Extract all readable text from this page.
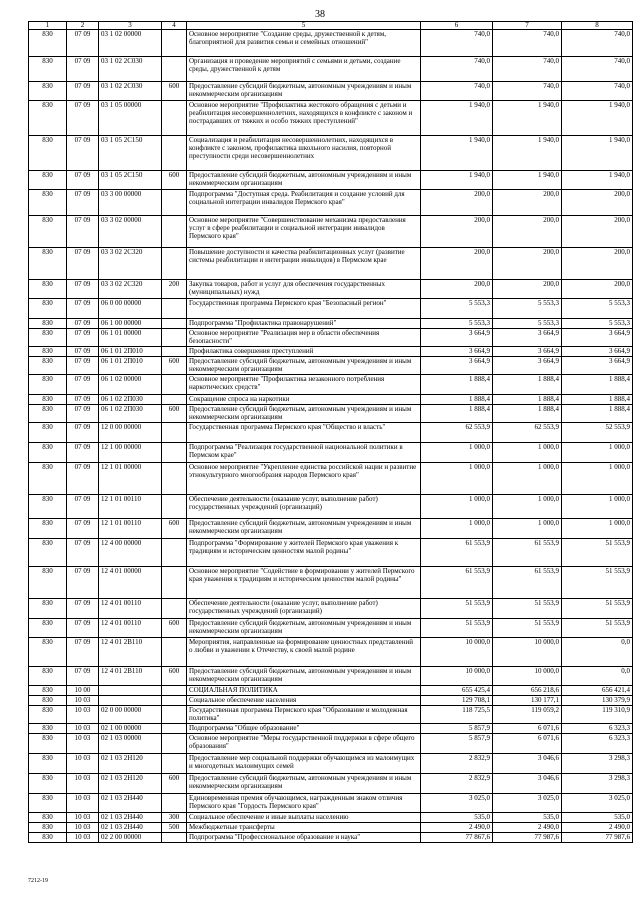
38
1	2	3	4	5	6	7	8
830	07 09	03 1 02 00000		Основное мероприятие "Создание среды, дружественной к детям, благоприятной для развития семьи и семейных отношений"	740,0	740,0	740,0
830	07 09	03 1 02 2С030		Организация и проведение мероприятий с семьями и детьми, создание среды, дружественной к детям	740,0	740,0	740,0
830	07 09	03 1 02 2С030	600	Предоставление субсидий бюджетным, автономным учреждениям и иным некоммерческим организациям	740,0	740,0	740,0
830	07 09	03 1 05 00000		Основное мероприятие "Профилактика жестокого обращения с детьми и реабилитация несовершеннолетних, находящихся в конфликте с законом и пострадавших от тяжких и особо тяжких преступлений"	1 940,0	1 940,0	1 940,0
830	07 09	03 1 05 2С150		Социализация и реабилитация несовершеннолетних, находящихся в конфликте с законом, профилактика школьного насилия, повторной преступности среди несовершеннолетних	1 940,0	1 940,0	1 940,0
830	07 09	03 1 05 2С150	600	Предоставление субсидий бюджетным, автономным учреждениям и иным некоммерческим организациям	1 940,0	1 940,0	1 940,0
830	07 09	03 3 00 00000		Подпрограмма "Доступная среда. Реабилитация и создание условий для социальной интеграции инвалидов Пермского края"	200,0	200,0	200,0
830	07 09	03 3 02 00000		Основное мероприятие "Совершенствование механизма предоставления услуг в сфере реабилитации и социальной интеграции инвалидов Пермского края"	200,0	200,0	200,0
830	07 09	03 3 02 2С320		Повышение доступности и качества реабилитационных услуг (развитие системы реабилитации и интеграции инвалидов) в Пермском крае	200,0	200,0	200,0
830	07 09	03 3 02 2С320	200	Закупка товаров, работ и услуг для обеспечения государственных (муниципальных) нужд	200,0	200,0	200,0
830	07 09	06 0 00 00000		Государственная программа Пермского края "Безопасный регион"	5 553,3	5 553,3	5 553,3
830	07 09	06 1 00 00000		Подпрограмма "Профилактика правонарушений"	5 553,3	5 553,3	5 553,3
830	07 09	06 1 01 00000		Основное мероприятие "Реализация мер в области обеспечения безопасности"	3 664,9	3 664,9	3 664,9
830	07 09	06 1 01 2П010		Профилактика совершения преступлений	3 664,9	3 664,9	3 664,9
830	07 09	06 1 01 2П010	600	Предоставление субсидий бюджетным, автономным учреждениям и иным некоммерческим организациям	3 664,9	3 664,9	3 664,9
830	07 09	06 1 02 00000		Основное мероприятие "Профилактика незаконного потребления наркотических средств"	1 888,4	1 888,4	1 888,4
830	07 09	06 1 02 2П030		Сокращение спроса на наркотики	1 888,4	1 888,4	1 888,4
830	07 09	06 1 02 2П030	600	Предоставление субсидий бюджетным, автономным учреждениям и иным некоммерческим организациям	1 888,4	1 888,4	1 888,4
830	07 09	12 0 00 00000		Государственная программа Пермского края "Общество и власть"	62 553,9	62 553,9	52 553,9
830	07 09	12 1 00 00000		Подпрограмма "Реализация государственной национальной политики в Пермском крае"	1 000,0	1 000,0	1 000,0
830	07 09	12 1 01 00000		Основное мероприятие "Укрепление единства российской нации и развитие этнокультурного многообразия народов Пермского края"	1 000,0	1 000,0	1 000,0
830	07 09	12 1 01 00110		Обеспечение деятельности (оказание услуг, выполнение работ) государственных учреждений (организаций)	1 000,0	1 000,0	1 000,0
830	07 09	12 1 01 00110	600	Предоставление субсидий бюджетным, автономным учреждениям и иным некоммерческим организациям	1 000,0	1 000,0	1 000,0
830	07 09	12 4 00 00000		Подпрограмма "Формирование у жителей Пермского края уважения к традициям и историческим ценностям малой родины"	61 553,9	61 553,9	51 553,9
830	07 09	12 4 01 00000		Основное мероприятие "Содействие в формировании у жителей Пермского края уважения к традициям и историческим ценностям малой родины"	61 553,9	61 553,9	51 553,9
830	07 09	12 4 01 00110		Обеспечение деятельности (оказание услуг, выполнение работ) государственных учреждений (организаций)	51 553,9	51 553,9	51 553,9
830	07 09	12 4 01 00110	600	Предоставление субсидий бюджетным, автономным учреждениям и иным некоммерческим организациям	51 553,9	51 553,9	51 553,9
830	07 09	12 4 01 2В110		Мероприятия, направленные на формирование ценностных представлений о любви и уважении к Отечеству, к своей малой родине	10 000,0	10 000,0	0,0
830	07 09	12 4 01 2В110	600	Предоставление субсидий бюджетным, автономным учреждениям и иным некоммерческим организациям	10 000,0	10 000,0	0,0
830	10 00			СОЦИАЛЬНАЯ ПОЛИТИКА	655 425,4	656 218,6	656 421,4
830	10 03			Социальное обеспечение населения	129 708,1	130 177,1	130 379,9
830	10 03	02 0 00 00000		Государственная программа Пермского края "Образование и молодежная политика"	118 725,5	119 059,2	119 310,9
830	10 03	02 1 00 00000		Подпрограмма "Общее образование"	5 857,9	6 071,6	6 323,3
830	10 03	02 1 03 00000		Основное мероприятие "Меры государственной поддержки в сфере общего образования"	5 857,9	6 071,6	6 323,3
830	10 03	02 1 03 2Н120		Предоставление мер социальной поддержки обучающимся из малоимущих и многодетных малоимущих семей	2 832,9	3 046,6	3 298,3
830	10 03	02 1 03 2Н120	600	Предоставление субсидий бюджетным, автономным учреждениям и иным некоммерческим организациям	2 832,9	3 046,6	3 298,3
830	10 03	02 1 03 2Н440		Единовременная премия обучающимся, награжденным знаком отличия Пермского края "Гордость Пермского края"	3 025,0	3 025,0	3 025,0
830	10 03	02 1 03 2Н440	300	Социальное обеспечение и иные выплаты населению	535,0	535,0	535,0
830	10 03	02 1 03 2Н440	500	Межбюджетные трансферты	2 490,0	2 490,0	2 490,0
830	10 03	02 2 00 00000		Подпрограмма "Профессиональное образование и наука"	77 867,6	77 987,6	77 987,6
7212-19
